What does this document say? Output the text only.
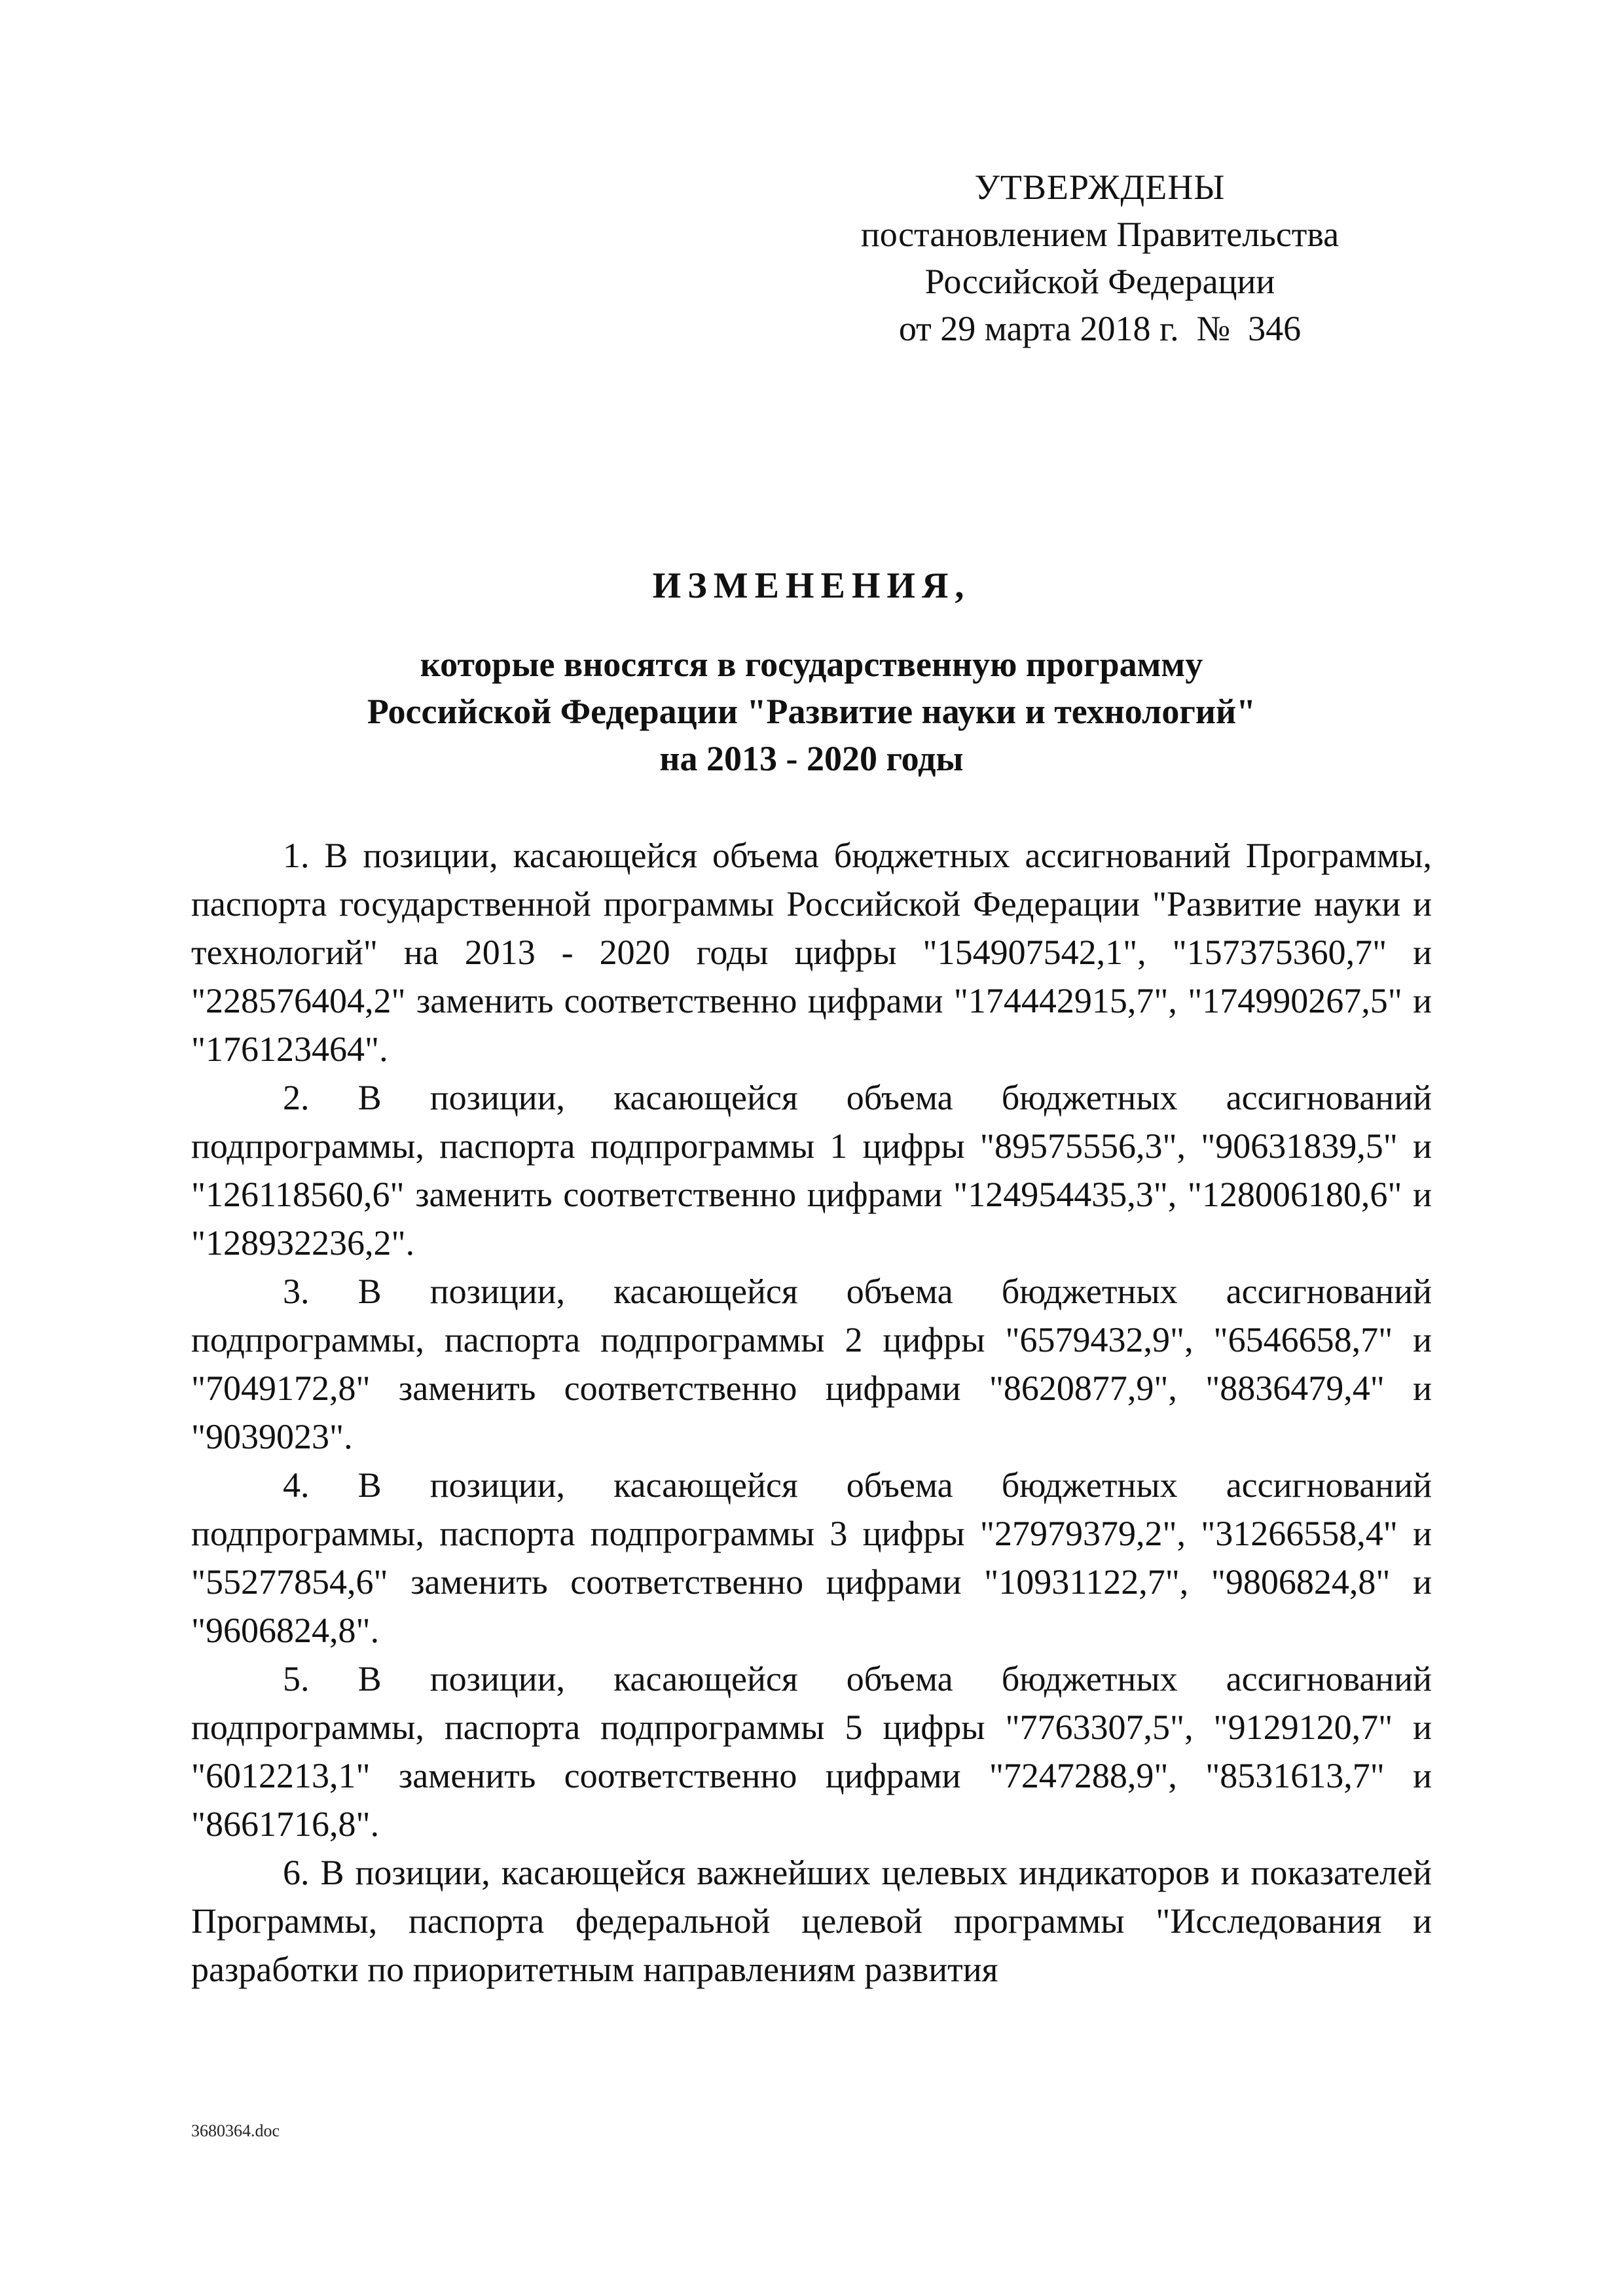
УТВЕРЖДЕНЫ
постановлением Правительства
Российской Федерации
от 29 марта 2018 г.  №  346
ИЗМЕНЕНИЯ,
которые вносятся в государственную программу
Российской Федерации "Развитие науки и технологий"
на 2013 - 2020 годы

1. В позиции, касающейся объема бюджетных ассигнований Программы, паспорта государственной программы Российской Федерации "Развитие науки и технологий" на 2013 - 2020 годы цифры "154907542,1", "157375360,7" и "228576404,2" заменить соответственно цифрами "174442915,7", "174990267,5" и "176123464".

2. В позиции, касающейся объема бюджетных ассигнований подпрограммы, паспорта подпрограммы 1 цифры "89575556,3", "90631839,5" и "126118560,6" заменить соответственно цифрами "124954435,3", "128006180,6" и "128932236,2".

3. В позиции, касающейся объема бюджетных ассигнований подпрограммы, паспорта подпрограммы 2 цифры "6579432,9", "6546658,7" и "7049172,8" заменить соответственно цифрами "8620877,9", "8836479,4" и "9039023".

4. В позиции, касающейся объема бюджетных ассигнований подпрограммы, паспорта подпрограммы 3 цифры "27979379,2", "31266558,4" и "55277854,6" заменить соответственно цифрами "10931122,7", "9806824,8" и "9606824,8".

5. В позиции, касающейся объема бюджетных ассигнований подпрограммы, паспорта подпрограммы 5 цифры "7763307,5", "9129120,7" и "6012213,1" заменить соответственно цифрами "7247288,9", "8531613,7" и "8661716,8".

6. В позиции, касающейся важнейших целевых индикаторов и показателей Программы, паспорта федеральной целевой программы "Исследования и разработки по приоритетным направлениям развития

3680364.doc
